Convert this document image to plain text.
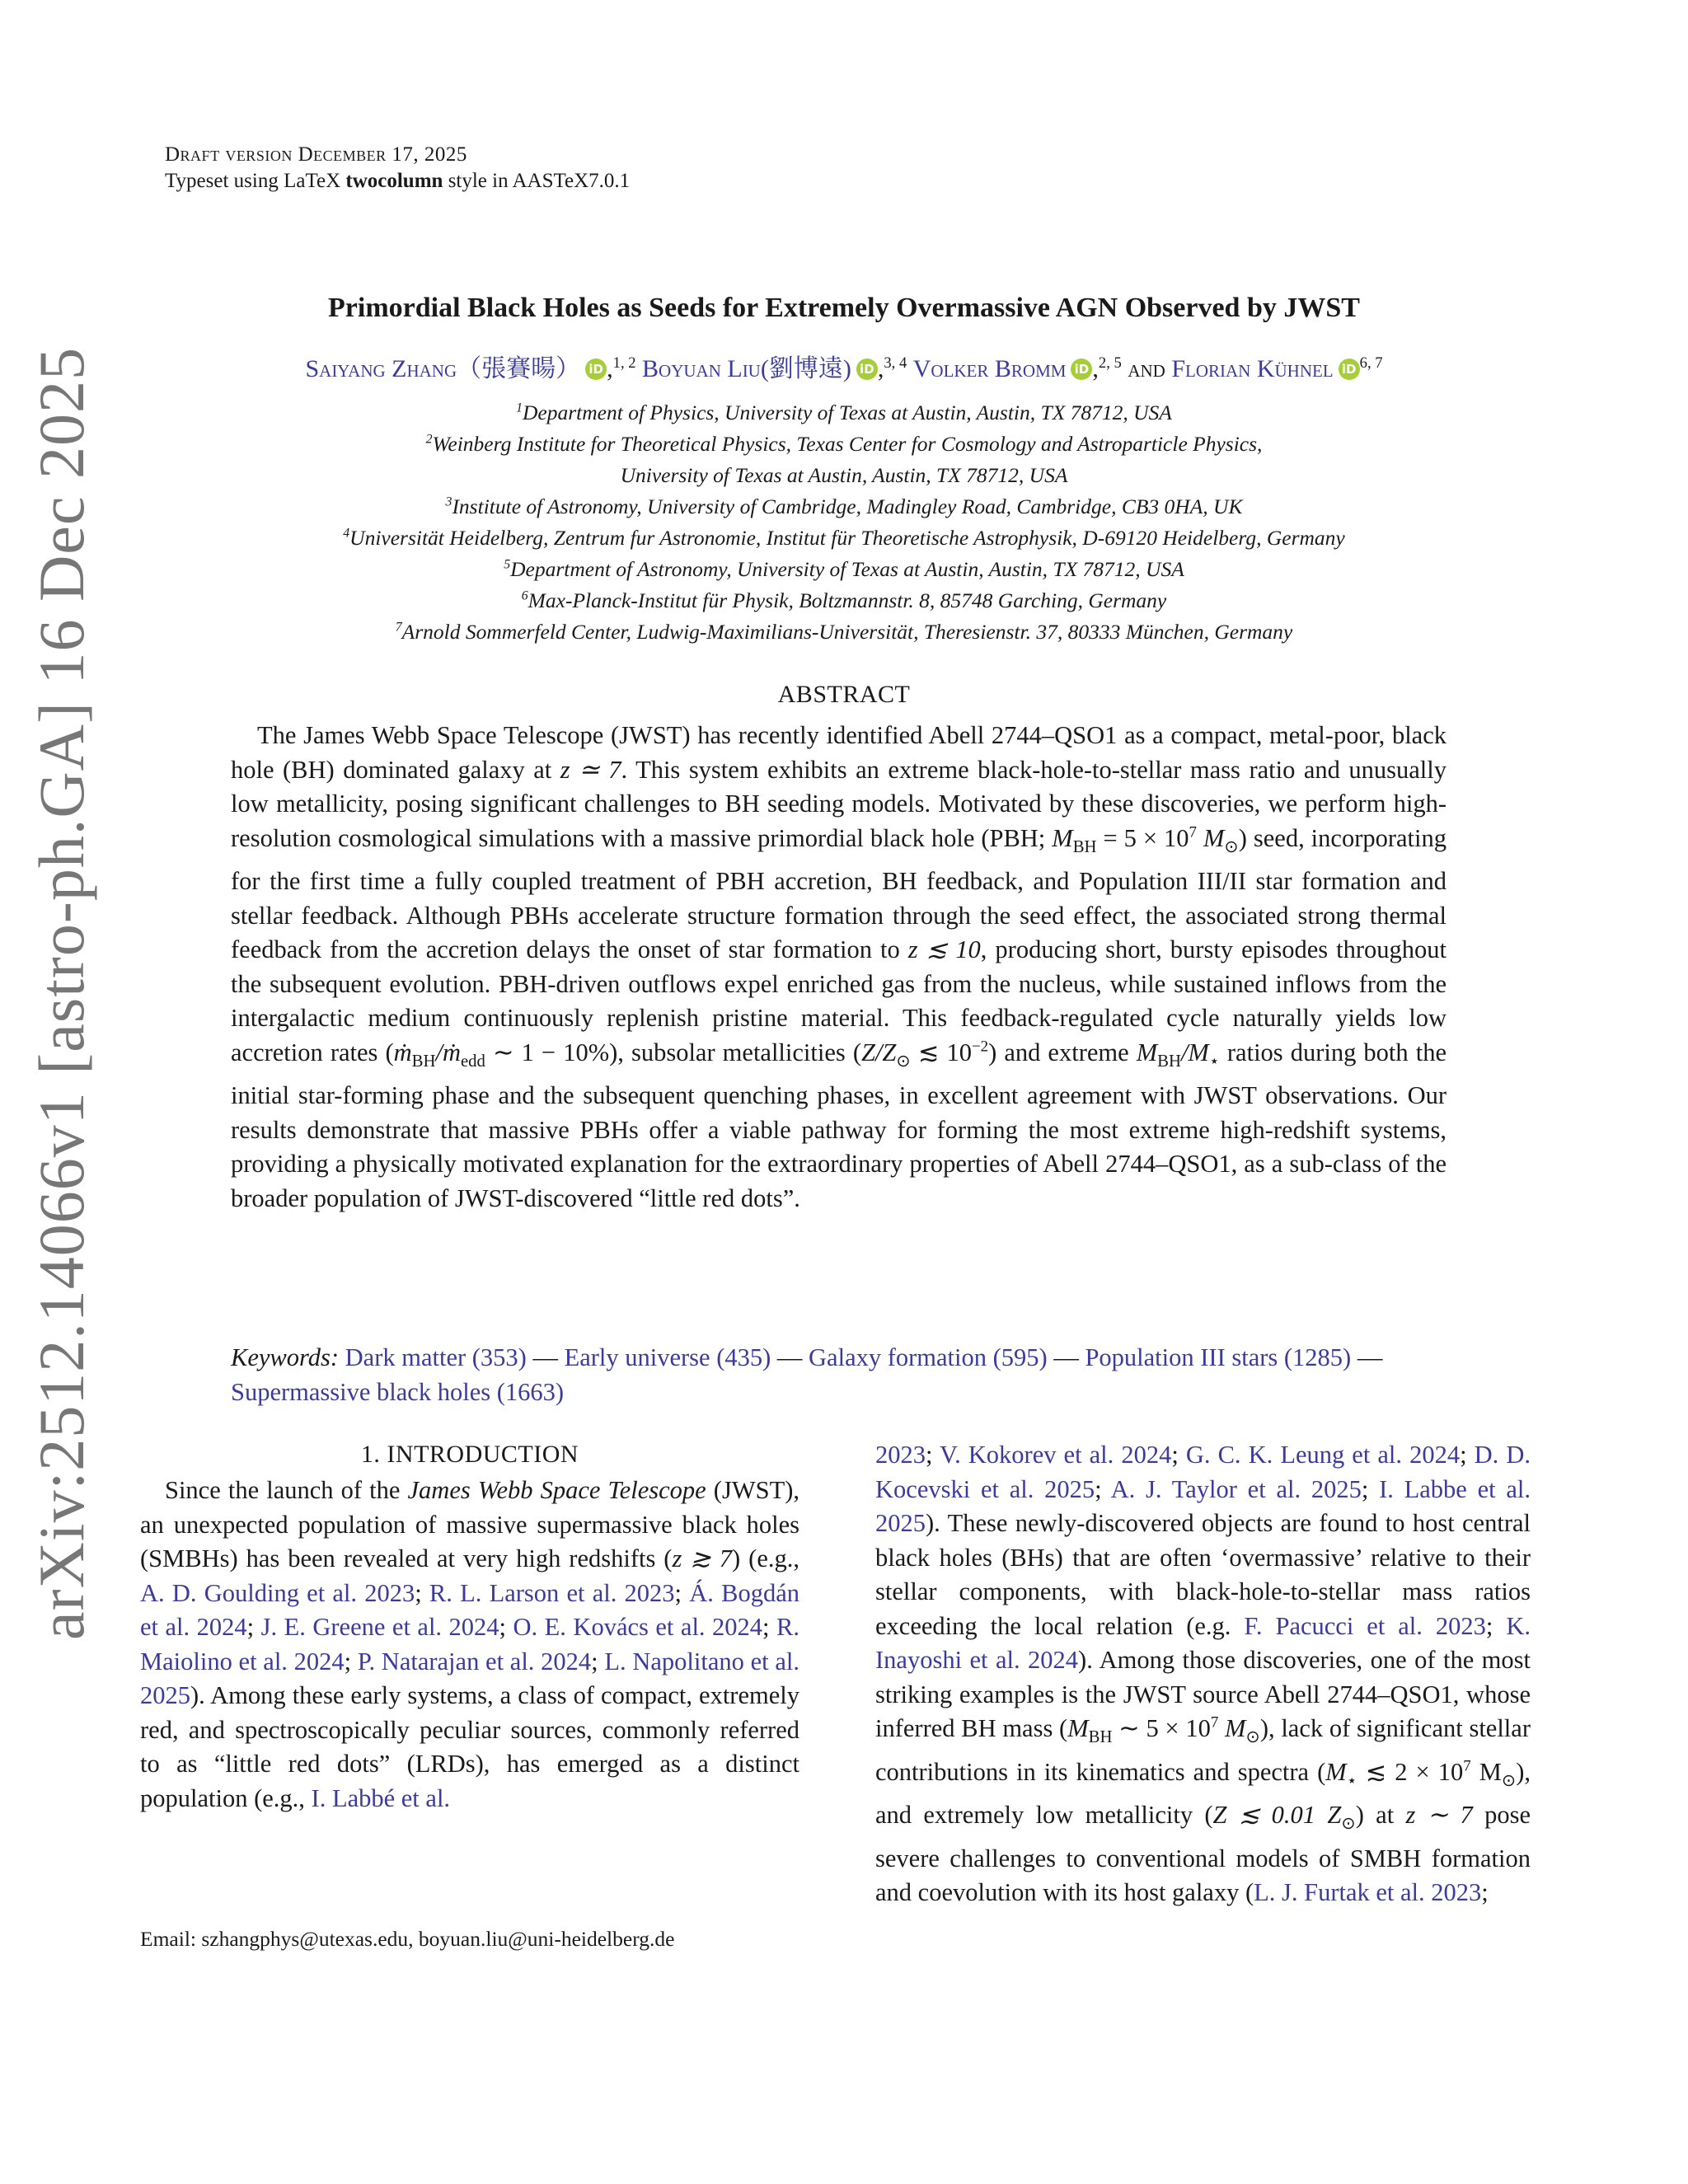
Draft version December 17, 2025
Typeset using LaTeX twocolumn style in AASTeX7.0.1
arXiv:2512.14066v1 [astro-ph.GA] 16 Dec 2025
Primordial Black Holes as Seeds for Extremely Overmassive AGN Observed by JWST
Saiyang Zhang（張賽暘） iD ,$^{1, 2}$ Boyuan Liu(劉博遠) iD ,$^{3, 4}$ Volker Bromm iD ,$^{2, 5}$ and Florian Kühnel iD $^{6, 7}$
$^1$Department of Physics, University of Texas at Austin, Austin, TX 78712, USA
$^2$Weinberg Institute for Theoretical Physics, Texas Center for Cosmology and Astroparticle Physics,
University of Texas at Austin, Austin, TX 78712, USA
$^3$Institute of Astronomy, University of Cambridge, Madingley Road, Cambridge, CB3 0HA, UK
$^4$Universität Heidelberg, Zentrum fur Astronomie, Institut für Theoretische Astrophysik, D-69120 Heidelberg, Germany
$^5$Department of Astronomy, University of Texas at Austin, Austin, TX 78712, USA
$^6$Max-Planck-Institut für Physik, Boltzmannstr. 8, 85748 Garching, Germany
$^7$Arnold Sommerfeld Center, Ludwig-Maximilians-Universität, Theresienstr. 37, 80333 München, Germany
ABSTRACT
The James Webb Space Telescope (JWST) has recently identified Abell 2744–QSO1 as a compact, metal-poor, black hole (BH) dominated galaxy at z ≃ 7. This system exhibits an extreme black-hole-to-stellar mass ratio and unusually low metallicity, posing significant challenges to BH seeding models. Motivated by these discoveries, we perform high-resolution cosmological simulations with a massive primordial black hole (PBH; $M_{BH} = 5 \times 10^7$ $M_⊙$) seed, incorporating for the first time a fully coupled treatment of PBH accretion, BH feedback, and Population III/II star formation and stellar feedback. Although PBHs accelerate structure formation through the seed effect, the associated strong thermal feedback from the accretion delays the onset of star formation to z ≲ 10, producing short, bursty episodes throughout the subsequent evolution. PBH-driven outflows expel enriched gas from the nucleus, while sustained inflows from the intergalactic medium continuously replenish pristine material. This feedback-regulated cycle naturally yields low accretion rates (ṁ$_{BH}$/ṁ$_{edd}$ ∼ 1 − 10%), subsolar metallicities ($Z/Z_⊙$ ≲ $10^{-2}$) and extreme $M_{BH}/M_⋆$ ratios during both the initial star-forming phase and the subsequent quenching phases, in excellent agreement with JWST observations. Our results demonstrate that massive PBHs offer a viable pathway for forming the most extreme high-redshift systems, providing a physically motivated explanation for the extraordinary properties of Abell 2744–QSO1, as a sub-class of the broader population of JWST-discovered “little red dots”.
Keywords: Dark matter (353) — Early universe (435) — Galaxy formation (595) — Population III stars (1285) — Supermassive black holes (1663)
1. INTRODUCTION
Since the launch of the James Webb Space Telescope (JWST), an unexpected population of massive supermassive black holes (SMBHs) has been revealed at very high redshifts (z ≳ 7) (e.g., A. D. Goulding et al. 2023; R. L. Larson et al. 2023; Á. Bogdán et al. 2024; J. E. Greene et al. 2024; O. E. Kovács et al. 2024; R. Maiolino et al. 2024; P. Natarajan et al. 2024; L. Napolitano et al. 2025). Among these early systems, a class of compact, extremely red, and spectroscopically peculiar sources, commonly referred to as “little red dots” (LRDs), has emerged as a distinct population (e.g., I. Labbé et al.
2023; V. Kokorev et al. 2024; G. C. K. Leung et al. 2024; D. D. Kocevski et al. 2025; A. J. Taylor et al. 2025; I. Labbe et al. 2025). These newly-discovered objects are found to host central black holes (BHs) that are often ‘overmassive’ relative to their stellar components, with black-hole-to-stellar mass ratios exceeding the local relation (e.g. F. Pacucci et al. 2023; K. Inayoshi et al. 2024). Among those discoveries, one of the most striking examples is the JWST source Abell 2744–QSO1, whose inferred BH mass ($M_{BH}$ ∼ $5 \times 10^7$ $M_⊙$), lack of significant stellar contributions in its kinematics and spectra ($M_⋆$ ≲ $2 \times 10^7$ $M_⊙$), and extremely low metallicity (Z ≲ 0.01 $Z_⊙$) at z ∼ 7 pose severe challenges to conventional models of SMBH formation and coevolution with its host galaxy (L. J. Furtak et al. 2023;
Email: szhangphys@utexas.edu, boyuan.liu@uni-heidelberg.de
